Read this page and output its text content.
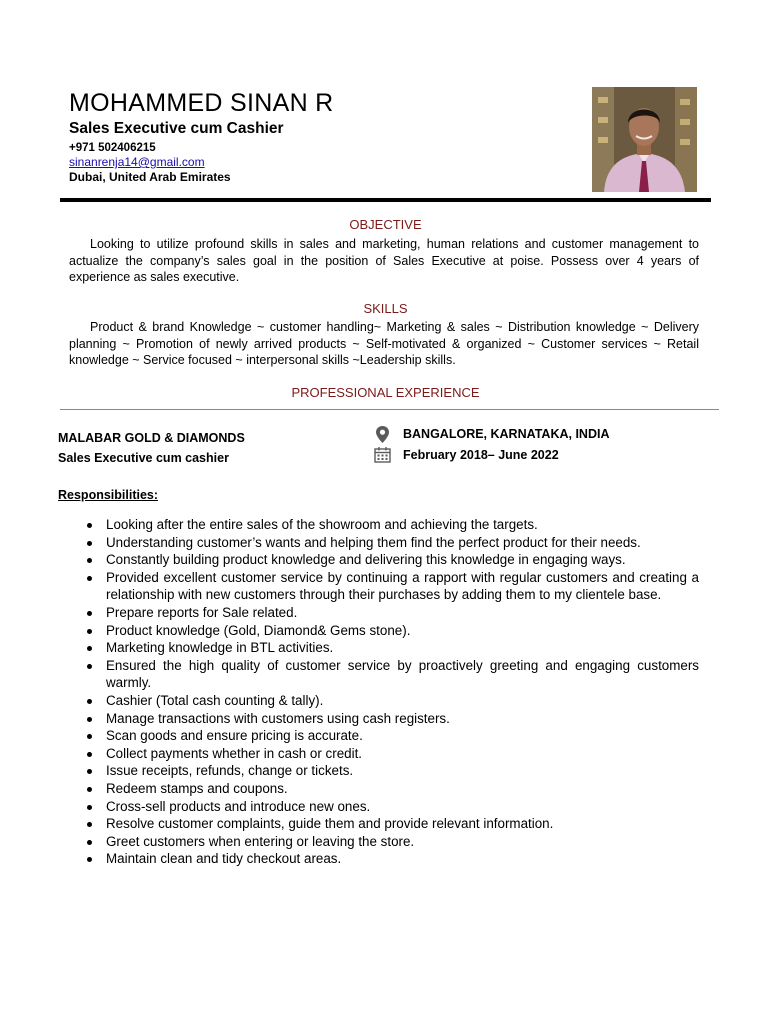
MOHAMMED SINAN R
Sales Executive cum Cashier
+971 502406215
sinanrenja14@gmail.com
Dubai, United Arab Emirates
OBJECTIVE

Looking to utilize profound skills in sales and marketing, human relations and customer management to actualize the company’s sales goal in the position of Sales Executive at poise. Possess over 4 years of experience as sales executive.

SKILLS

Product & brand Knowledge ~ customer handling~ Marketing & sales ~ Distribution knowledge ~ Delivery planning ~ Promotion of newly arrived products ~ Self-motivated & organized ~ Customer services ~ Retail knowledge ~ Service focused ~ interpersonal skills ~Leadership skills.

PROFESSIONAL EXPERIENCE
MALABAR GOLD & DIAMONDS
Sales Executive cum cashier
BANGALORE, KARNATAKA, INDIA
February 2018– June 2022
Responsibilities:
Looking after the entire sales of the showroom and achieving the targets.
Understanding customer’s wants and helping them find the perfect product for their needs.
Constantly building product knowledge and delivering this knowledge in engaging ways.
Provided excellent customer service by continuing a rapport with regular customers and creating a relationship with new customers through their purchases by adding them to my clientele base.
Prepare reports for Sale related.
Product knowledge (Gold, Diamond& Gems stone).
Marketing knowledge in BTL activities.
Ensured the high quality of customer service by proactively greeting and engaging customers warmly.
Cashier (Total cash counting & tally).
Manage transactions with customers using cash registers.
Scan goods and ensure pricing is accurate.
Collect payments whether in cash or credit.
Issue receipts, refunds, change or tickets.
Redeem stamps and coupons.
Cross-sell products and introduce new ones.
Resolve customer complaints, guide them and provide relevant information.
Greet customers when entering or leaving the store.
Maintain clean and tidy checkout areas.
